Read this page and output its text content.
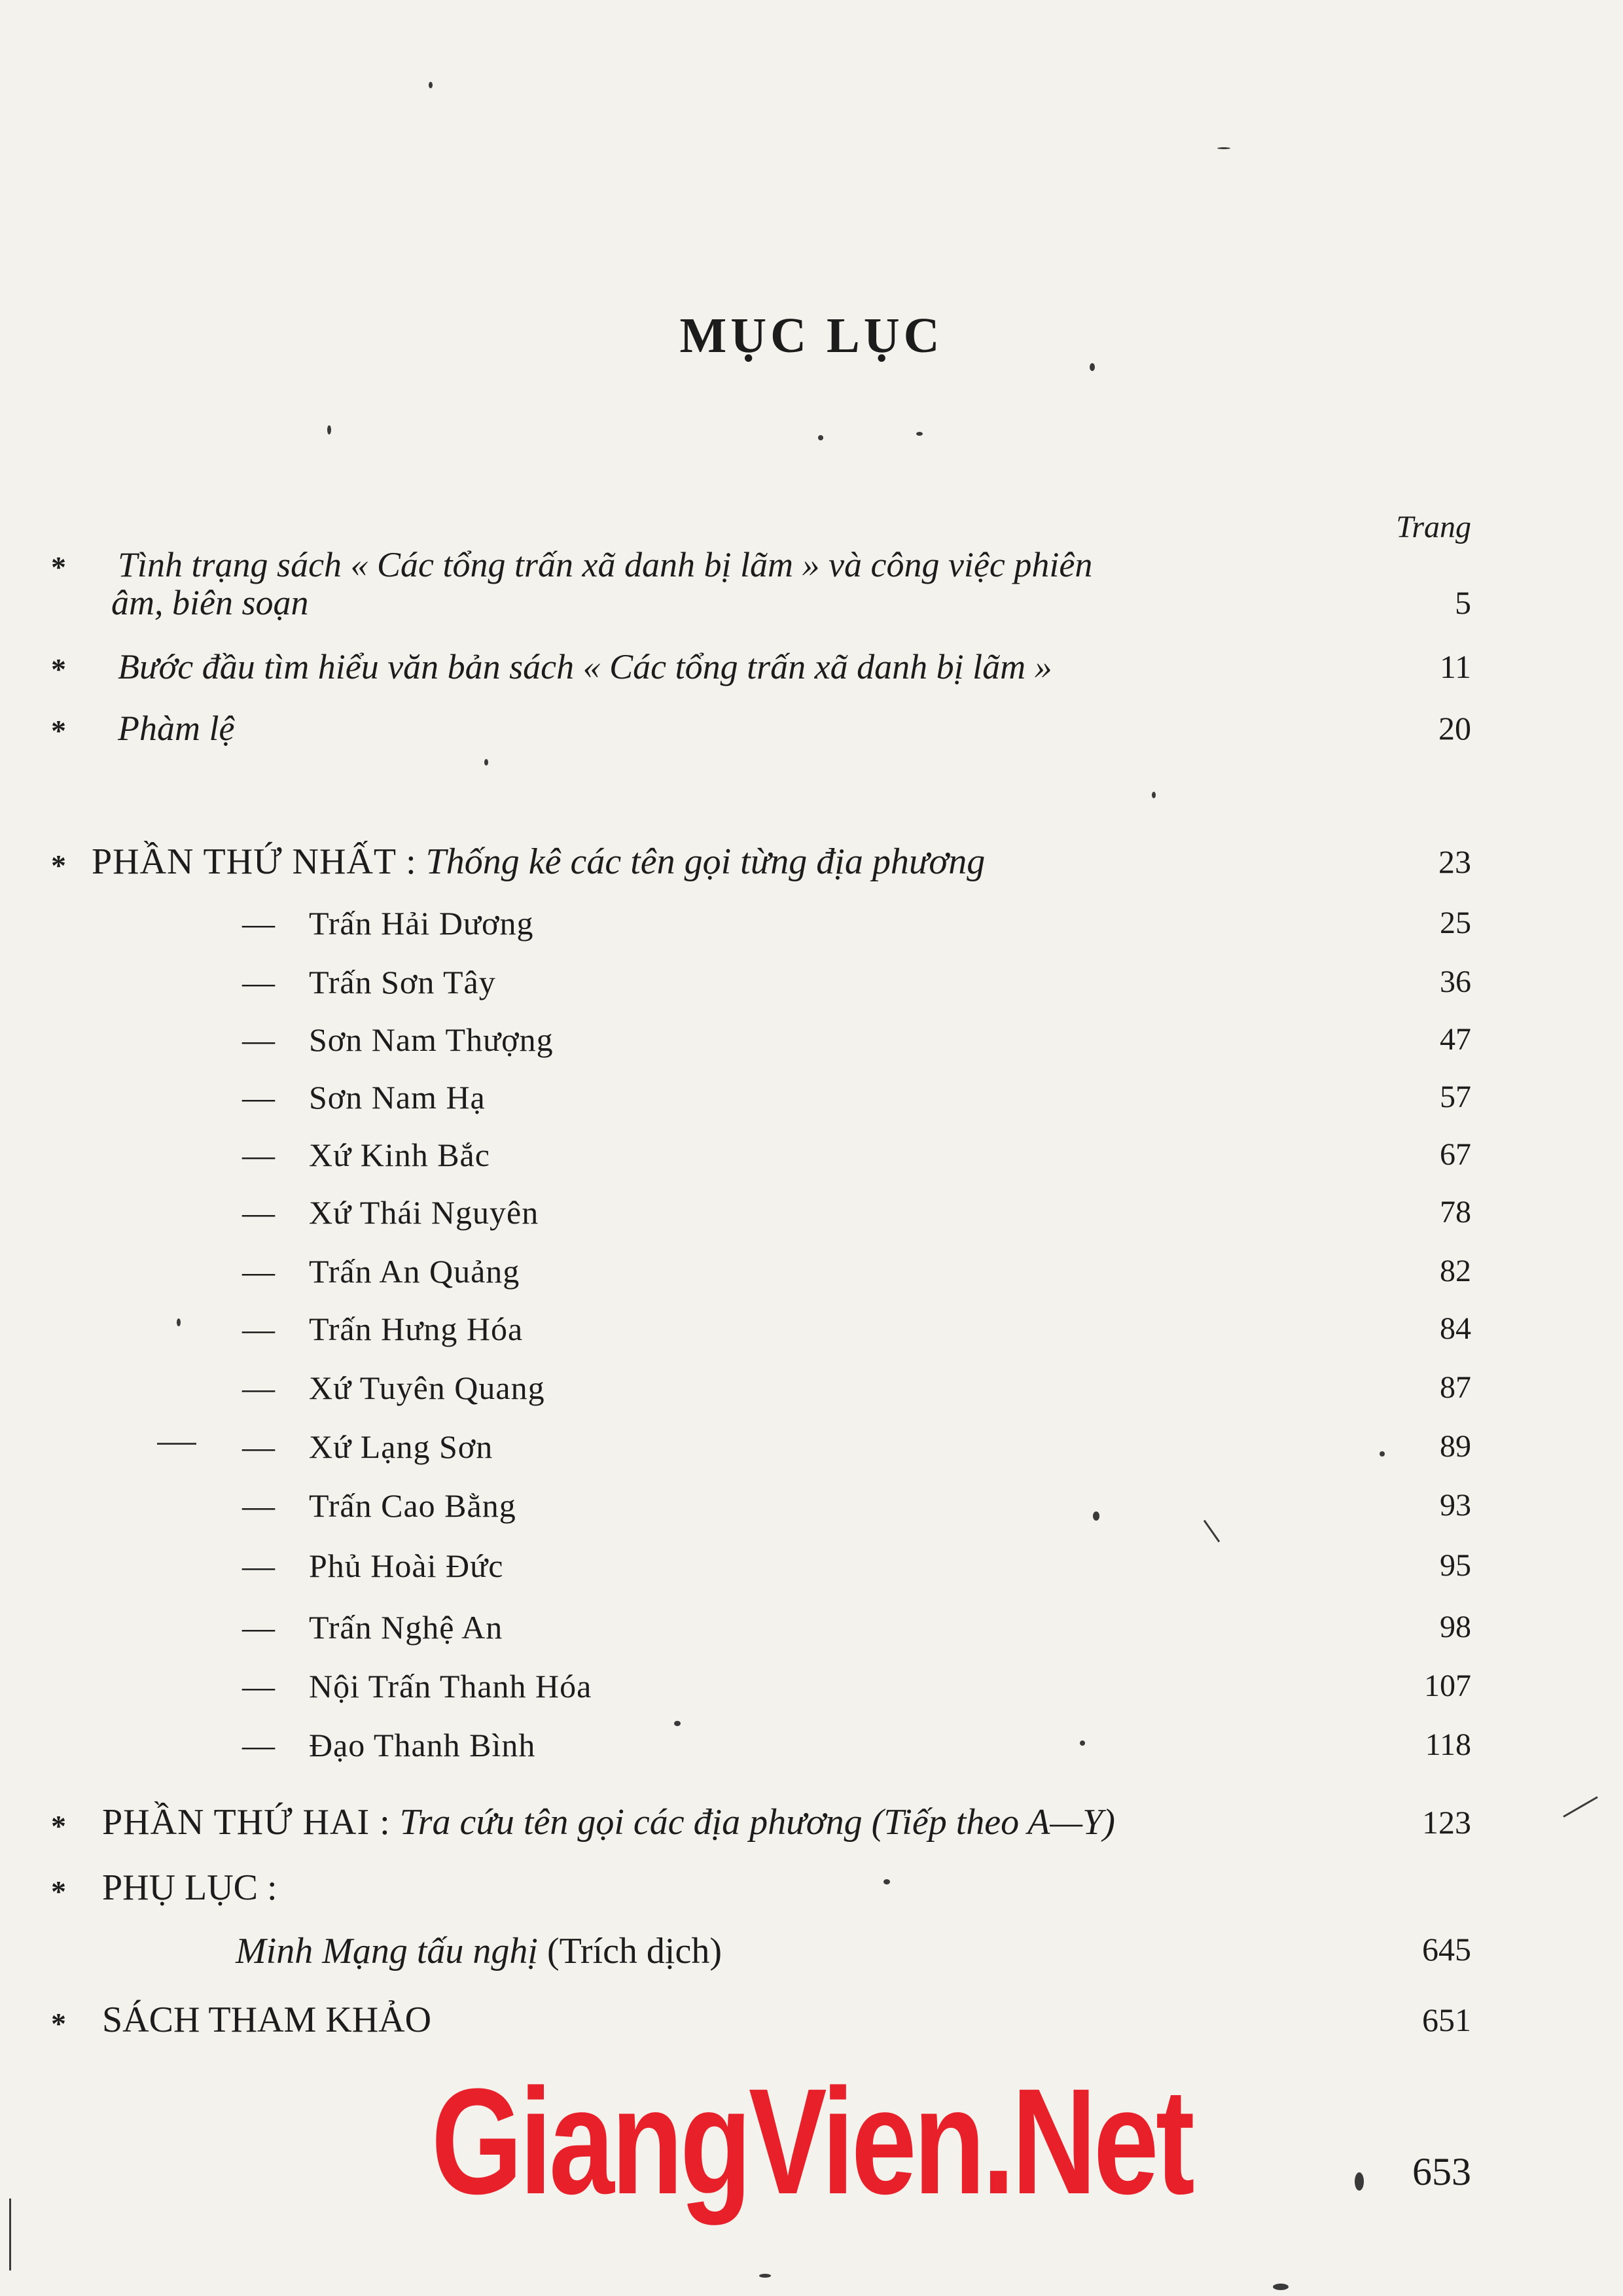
MỤC LỤC
Trang
* Tình trạng sách « Các tổng trấn xã danh bị lãm » và công việc phiên
âm, biên soạn	5
* Bước đầu tìm hiểu văn bản sách « Các tổng trấn xã danh bị lãm »	11
* Phàm lệ	20
* PHẦN THỨ NHẤT : Thống kê các tên gọi từng địa phương	23
— Trấn Hải Dương	25
— Trấn Sơn Tây	36
— Sơn Nam Thượng	47
— Sơn Nam Hạ	57
— Xứ Kinh Bắc	67
— Xứ Thái Nguyên	78
— Trấn An Quảng	82
— Trấn Hưng Hóa	84
— Xứ Tuyên Quang	87
— Xứ Lạng Sơn	89
— Trấn Cao Bằng	93
— Phủ Hoài Đức	95
— Trấn Nghệ An	98
— Nội Trấn Thanh Hóa	107
— Đạo Thanh Bình	118
* PHẦN THỨ HAI : Tra cứu tên gọi các địa phương (Tiếp theo A—Y)	123
* PHỤ LỤC :
Minh Mạng tấu nghị (Trích dịch)	645
* SÁCH THAM KHẢO	651
GiangVien.Net	653
